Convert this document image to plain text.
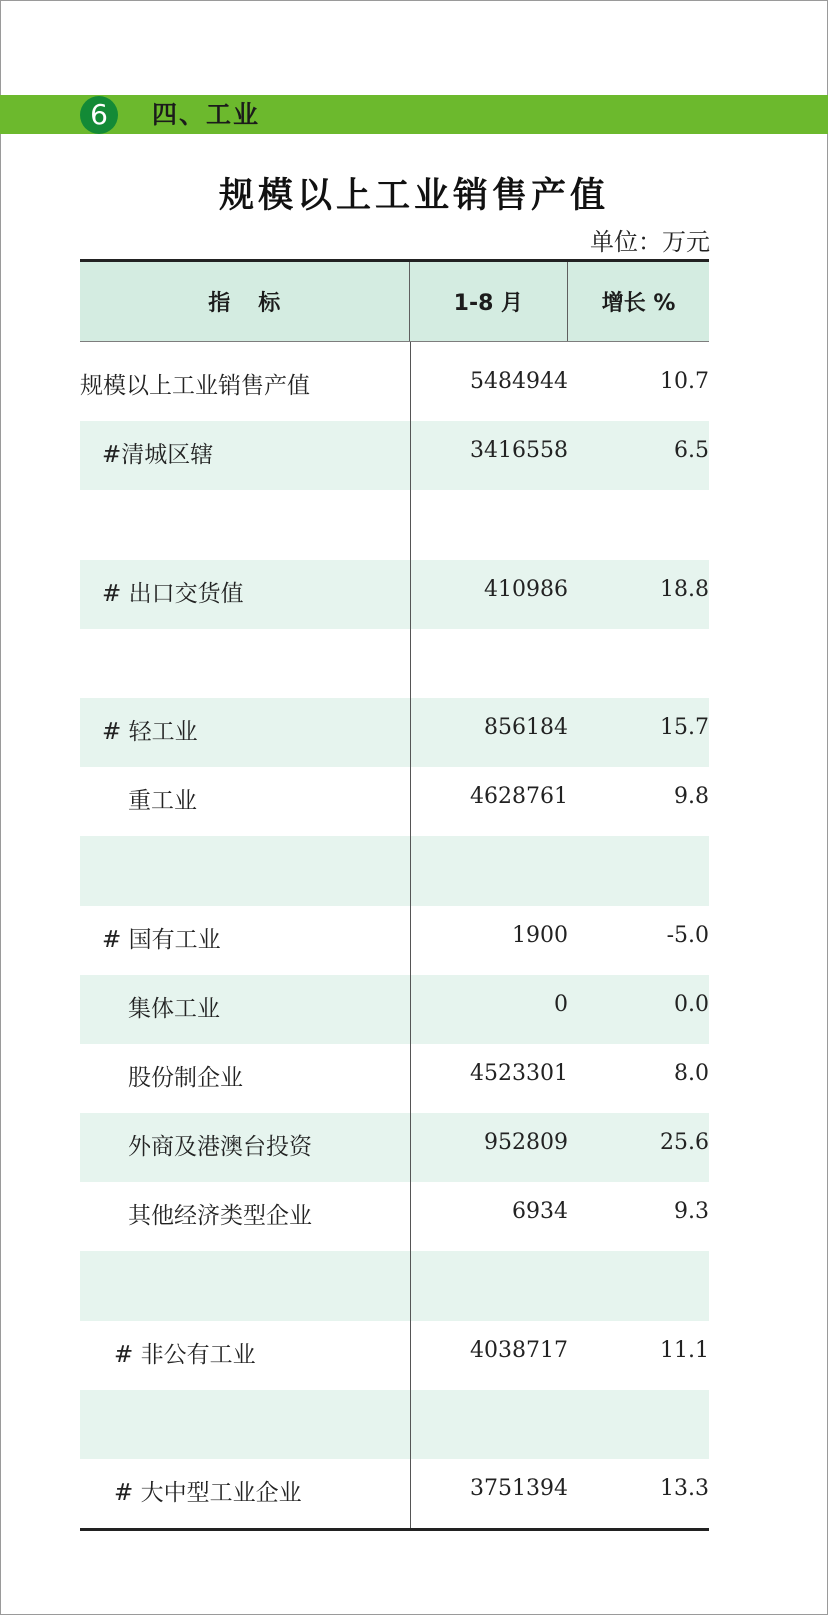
6	四、工业
规模以上工业销售产值
单位：万元
指标	1-8 月	增长 %
规模以上工业销售产值	5484944	10.7
#清城区辖	3416558	6.5
# 出口交货值	410986	18.8
# 轻工业	856184	15.7
重工业	4628761	9.8
# 国有工业	1900	-5.0
集体工业	0	0.0
股份制企业	4523301	8.0
外商及港澳台投资	952809	25.6
其他经济类型企业	6934	9.3
# 非公有工业	4038717	11.1
# 大中型工业企业	3751394	13.3
